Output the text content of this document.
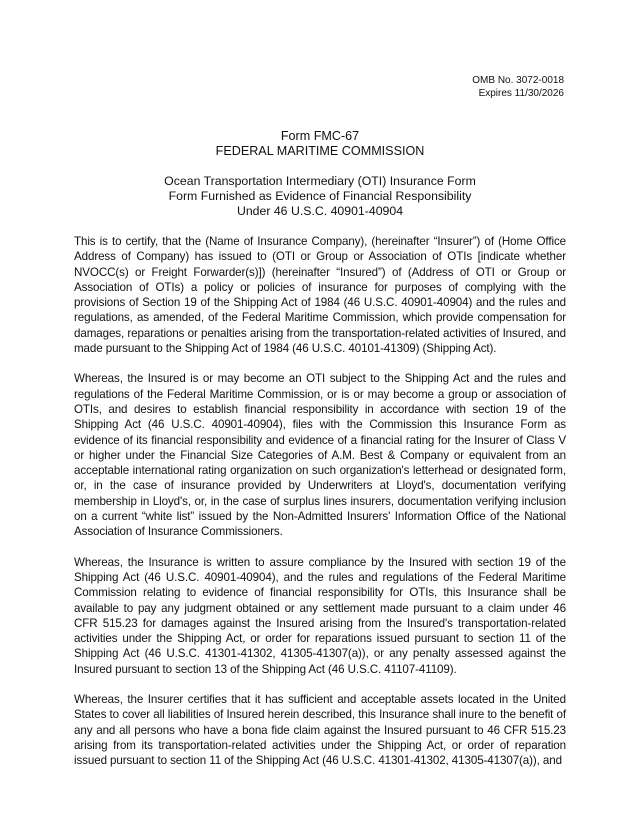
OMB No. 3072-0018
Expires 11/30/2026
Form FMC-67
FEDERAL MARITIME COMMISSION
Ocean Transportation Intermediary (OTI) Insurance Form
Form Furnished as Evidence of Financial Responsibility
Under 46 U.S.C. 40901-40904

This is to certify, that the (Name of Insurance Company), (hereinafter “Insurer”) of (Home Office Address of Company) has issued to (OTI or Group or Association of OTIs [indicate whether NVOCC(s) or Freight Forwarder(s)]) (hereinafter “Insured”) of (Address of OTI or Group or Association of OTIs) a policy or policies of insurance for purposes of complying with the provisions of Section 19 of the Shipping Act of 1984 (46 U.S.C. 40901-40904) and the rules and regulations, as amended, of the Federal Maritime Commission, which provide compensation for damages, reparations or penalties arising from the transportation-related activities of Insured, and made pursuant to the Shipping Act of 1984 (46 U.S.C. 40101-41309) (Shipping Act).

Whereas, the Insured is or may become an OTI subject to the Shipping Act and the rules and regulations of the Federal Maritime Commission, or is or may become a group or association of OTIs, and desires to establish financial responsibility in accordance with section 19 of the Shipping Act (46 U.S.C. 40901-40904), files with the Commission this Insurance Form as evidence of its financial responsibility and evidence of a financial rating for the Insurer of Class V or higher under the Financial Size Categories of A.M. Best & Company or equivalent from an acceptable international rating organization on such organization's letterhead or designated form, or, in the case of insurance provided by Underwriters at Lloyd's, documentation verifying membership in Lloyd's, or, in the case of surplus lines insurers, documentation verifying inclusion on a current “white list” issued by the Non-Admitted Insurers' Information Office of the National Association of Insurance Commissioners.

Whereas, the Insurance is written to assure compliance by the Insured with section 19 of the Shipping Act (46 U.S.C. 40901-40904), and the rules and regulations of the Federal Maritime Commission relating to evidence of financial responsibility for OTIs, this Insurance shall be available to pay any judgment obtained or any settlement made pursuant to a claim under 46 CFR 515.23 for damages against the Insured arising from the Insured's transportation-related activities under the Shipping Act, or order for reparations issued pursuant to section 11 of the Shipping Act (46 U.S.C. 41301-41302, 41305-41307(a)), or any penalty assessed against the Insured pursuant to section 13 of the Shipping Act (46 U.S.C. 41107-41109).

Whereas, the Insurer certifies that it has sufficient and acceptable assets located in the United States to cover all liabilities of Insured herein described, this Insurance shall inure to the benefit of any and all persons who have a bona fide claim against the Insured pursuant to 46 CFR 515.23 arising from its transportation-related activities under the Shipping Act, or order of reparation issued pursuant to section 11 of the Shipping Act (46 U.S.C. 41301-41302, 41305-41307(a)), and
